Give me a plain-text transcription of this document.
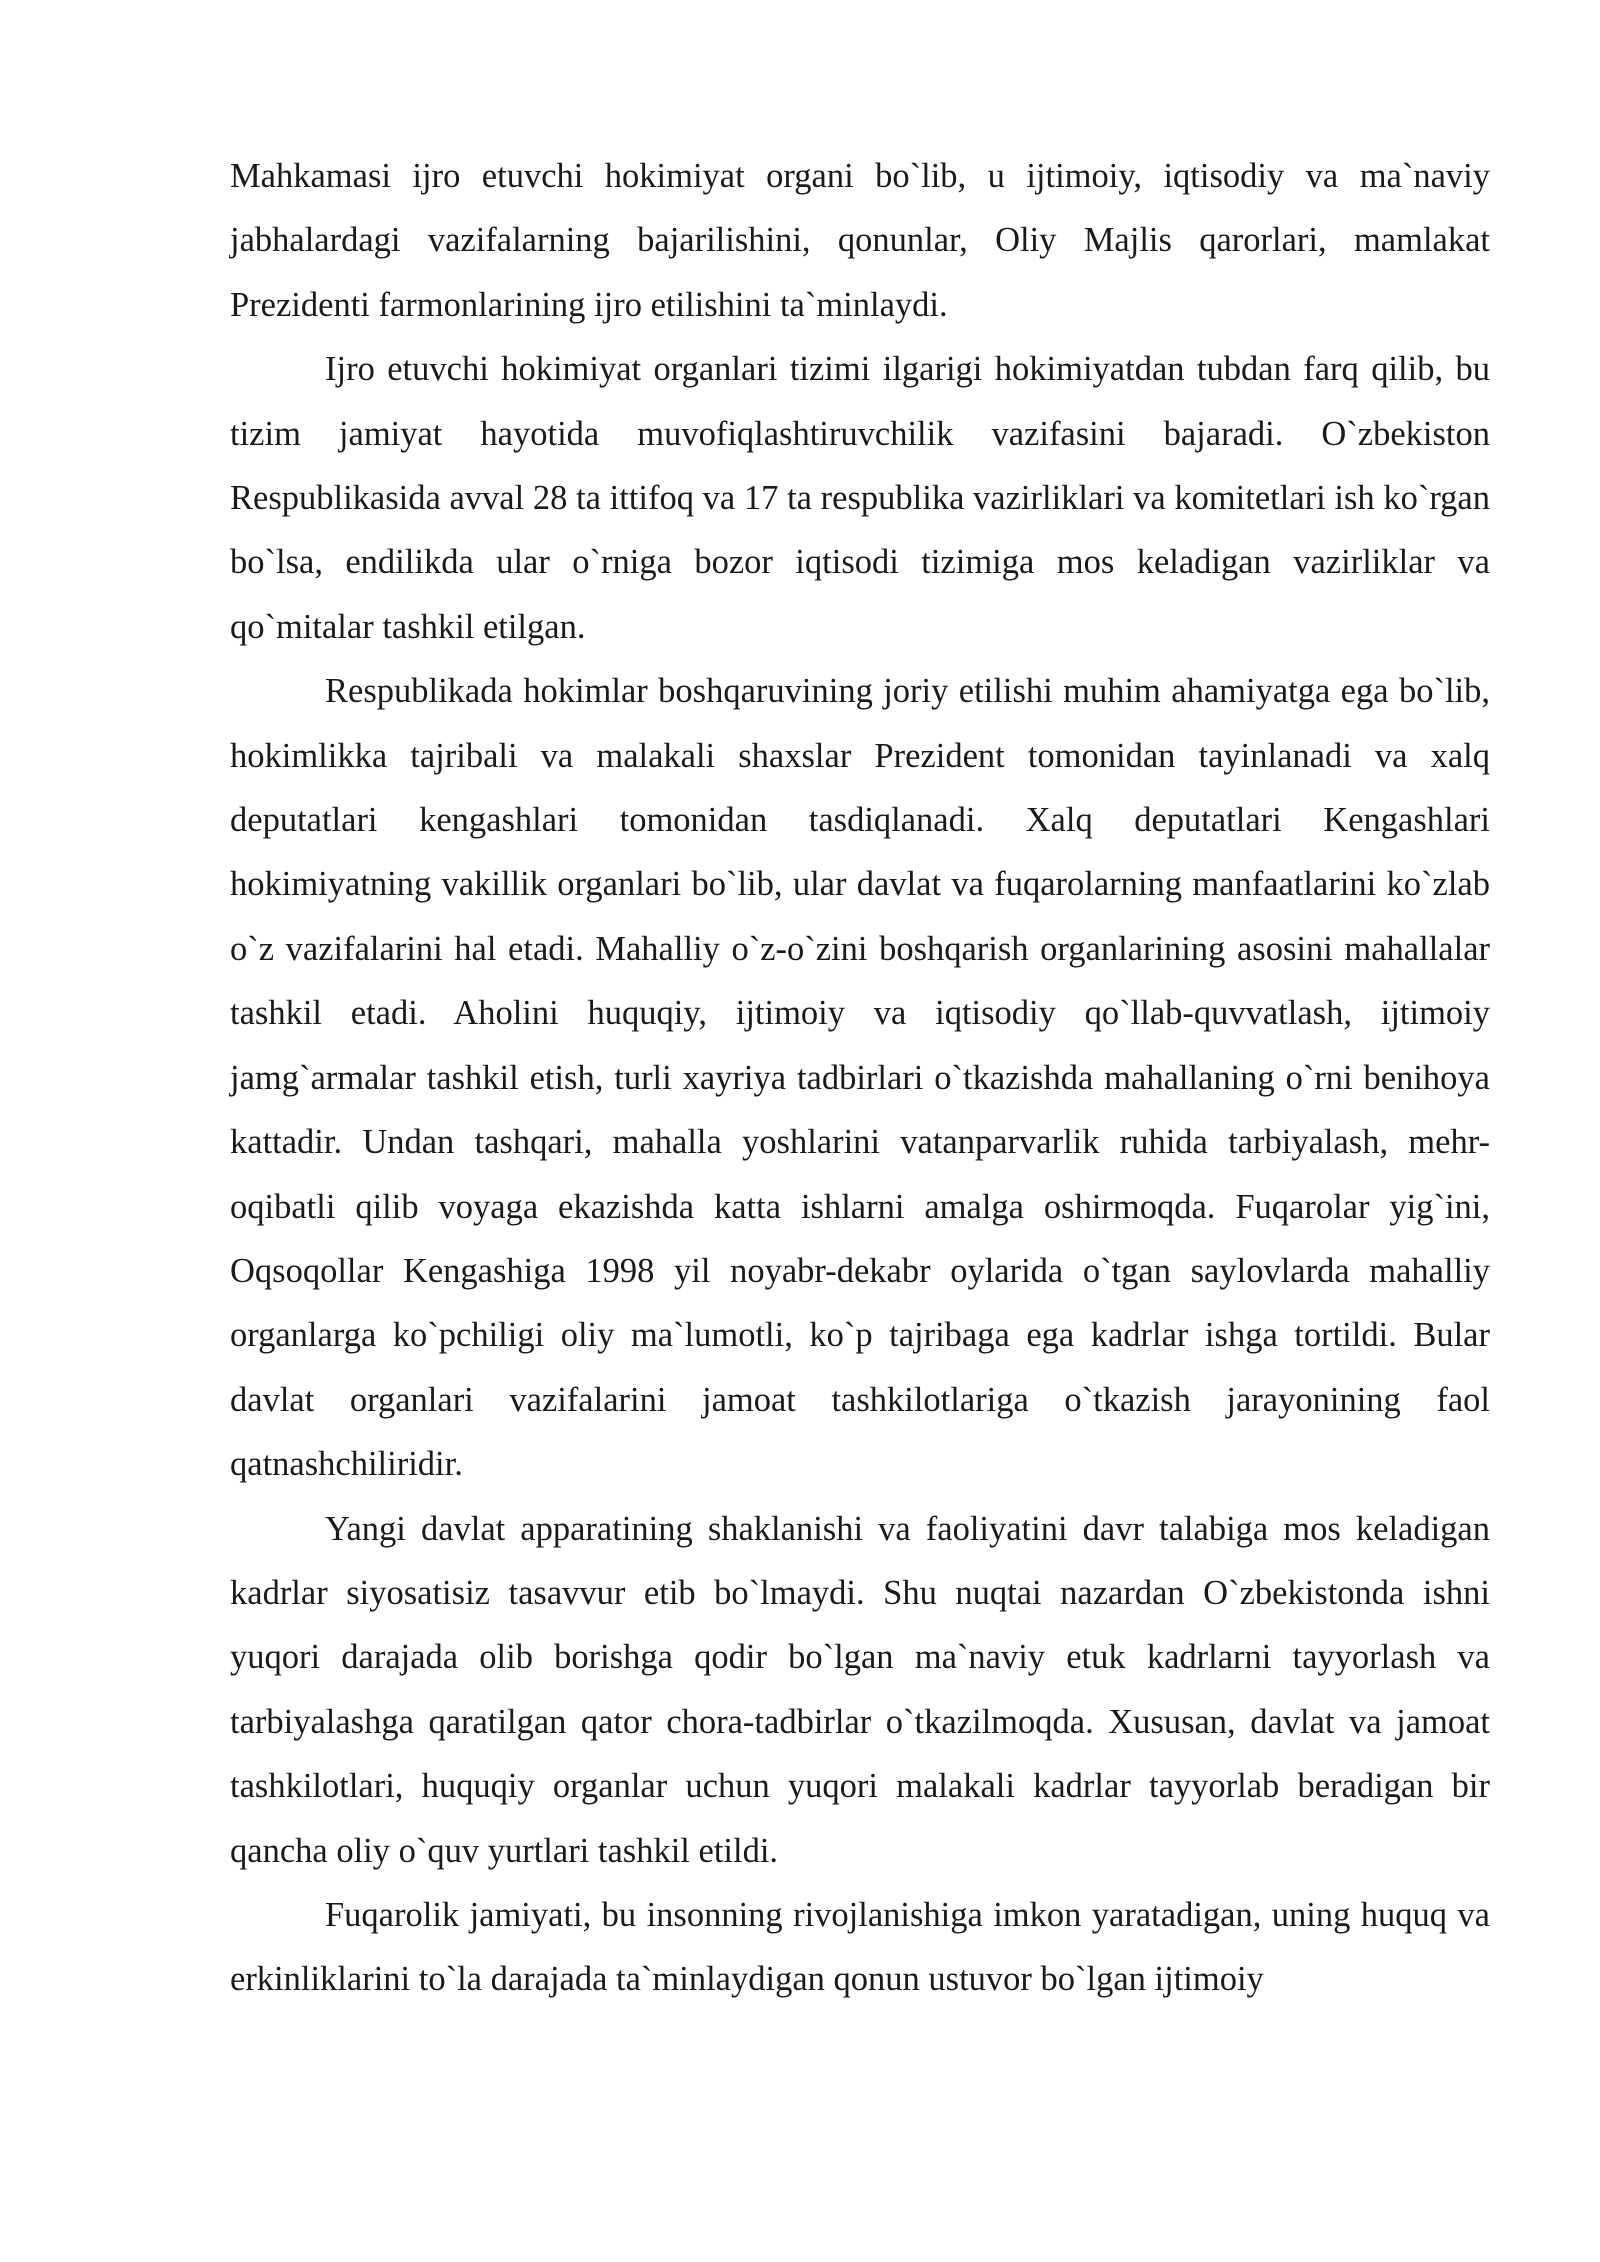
Mahkamasi ijro etuvchi hokimiyat organi bo`lib, u ijtimoiy, iqtisodiy va ma`naviy jabhalardagi vazifalarning bajarilishini, qonunlar, Oliy Majlis qarorlari, mamlakat Prezidenti farmonlarining ijro etilishini ta`minlaydi.

Ijro etuvchi hokimiyat organlari tizimi ilgarigi hokimiyatdan tubdan farq qilib, bu tizim jamiyat hayotida muvofiqlashtiruvchilik vazifasini bajaradi. O`zbekiston Respublikasida avval 28 ta ittifoq va 17 ta respublika vazirliklari va komitetlari ish ko`rgan bo`lsa, endilikda ular o`rniga bozor iqtisodi tizimiga mos keladigan vazirliklar va qo`mitalar tashkil etilgan.

Respublikada hokimlar boshqaruvining joriy etilishi muhim ahamiyatga ega bo`lib, hokimlikka tajribali va malakali shaxslar Prezident tomonidan tayinlanadi va xalq deputatlari kengashlari tomonidan tasdiqlanadi. Xalq deputatlari Kengashlari hokimiyatning vakillik organlari bo`lib, ular davlat va fuqarolarning manfaatlarini ko`zlab o`z vazifalarini hal etadi. Mahalliy o`z-o`zini boshqarish organlarining asosini mahallalar tashkil etadi. Aholini huquqiy, ijtimoiy va iqtisodiy qo`llab-quvvatlash, ijtimoiy jamg`armalar tashkil etish, turli xayriya tadbirlari o`tkazishda mahallaning o`rni benihoya kattadir. Undan tashqari, mahalla yoshlarini vatanparvarlik ruhida tarbiyalash, mehr-oqibatli qilib voyaga ekazishda katta ishlarni amalga oshirmoqda. Fuqarolar yig`ini, Oqsoqollar Kengashiga 1998 yil noyabr-dekabr oylarida o`tgan saylovlarda mahalliy organlarga ko`pchiligi oliy ma`lumotli, ko`p tajribaga ega kadrlar ishga tortildi. Bular davlat organlari vazifalarini jamoat tashkilotlariga o`tkazish jarayonining faol qatnashchiliridir.

Yangi davlat apparatining shaklanishi va faoliyatini davr talabiga mos keladigan kadrlar siyosatisiz tasavvur etib bo`lmaydi. Shu nuqtai nazardan O`zbekistonda ishni yuqori darajada olib borishga qodir bo`lgan ma`naviy etuk kadrlarni tayyorlash va tarbiyalashga qaratilgan qator chora-tadbirlar o`tkazilmoqda. Xususan, davlat va jamoat tashkilotlari, huquqiy organlar uchun yuqori malakali kadrlar tayyorlab beradigan bir qancha oliy o`quv yurtlari tashkil etildi.

Fuqarolik jamiyati, bu insonning rivojlanishiga imkon yaratadigan, uning huquq va erkinliklarini to`la darajada ta`minlaydigan qonun ustuvor bo`lgan ijtimoiy
